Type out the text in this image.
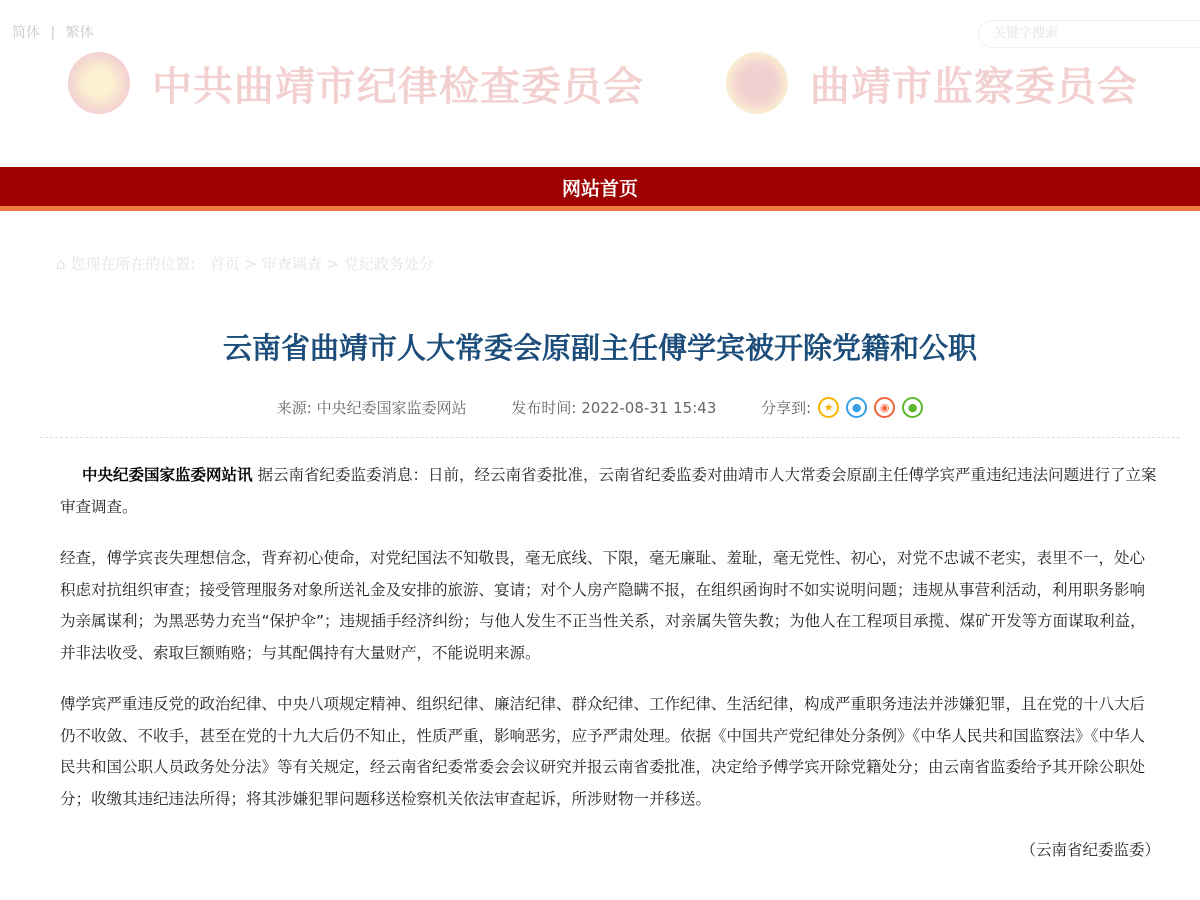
简体 | 繁体	关键字搜索
中共曲靖市纪律检查委员会	曲靖市监察委员会
网站首页
⌂ 您现在所在的位置: 首页 > 审查调查 > 党纪政务处分
云南省曲靖市人大常委会原副主任傅学宾被开除党籍和公职
来源: 中央纪委国家监委网站	发布时间: 2022-08-31 15:43	分享到: ★ ● ◉ ●

中央纪委国家监委网站讯 据云南省纪委监委消息：日前，经云南省委批准，云南省纪委监委对曲靖市人大常委会原副主任傅学宾严重违纪违法问题进行了立案审查调查。

经查，傅学宾丧失理想信念，背弃初心使命，对党纪国法不知敬畏，毫无底线、下限，毫无廉耻、羞耻，毫无党性、初心，对党不忠诚不老实，表里不一，处心积虑对抗组织审查；接受管理服务对象所送礼金及安排的旅游、宴请；对个人房产隐瞒不报，在组织函询时不如实说明问题；违规从事营利活动，利用职务影响为亲属谋利；为黑恶势力充当“保护伞”；违规插手经济纠纷；与他人发生不正当性关系，对亲属失管失教；为他人在工程项目承揽、煤矿开发等方面谋取利益，并非法收受、索取巨额贿赂；与其配偶持有大量财产，不能说明来源。

傅学宾严重违反党的政治纪律、中央八项规定精神、组织纪律、廉洁纪律、群众纪律、工作纪律、生活纪律，构成严重职务违法并涉嫌犯罪，且在党的十八大后仍不收敛、不收手，甚至在党的十九大后仍不知止，性质严重，影响恶劣，应予严肃处理。依据《中国共产党纪律处分条例》《中华人民共和国监察法》《中华人民共和国公职人员政务处分法》等有关规定，经云南省纪委常委会会议研究并报云南省委批准，决定给予傅学宾开除党籍处分；由云南省监委给予其开除公职处分；收缴其违纪违法所得；将其涉嫌犯罪问题移送检察机关依法审查起诉，所涉财物一并移送。

（云南省纪委监委）
